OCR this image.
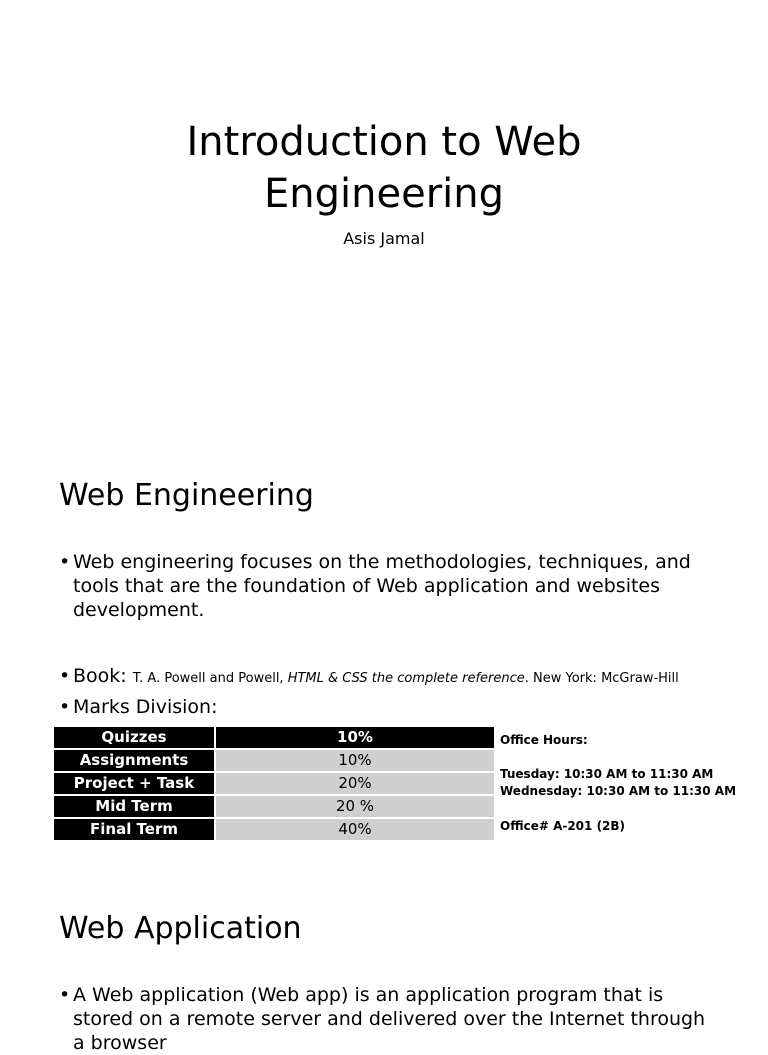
Introduction to Web
Engineering
Asis Jamal
Web Engineering
• Web engineering focuses on the methodologies, techniques, and tools that are the foundation of Web application and websites development.
• Book: T. A. Powell and Powell, HTML & CSS the complete reference. New York: McGraw-Hill
• Marks Division:
Quizzes	10%
Assignments	10%
Project + Task	20%
Mid Term	20 %
Final Term	40%
Office Hours:
Tuesday: 10:30 AM to 11:30 AM
Wednesday: 10:30 AM to 11:30 AM
Office# A-201 (2B)
Web Application
• A Web application (Web app) is an application program that is stored on a remote server and delivered over the Internet through a browser
